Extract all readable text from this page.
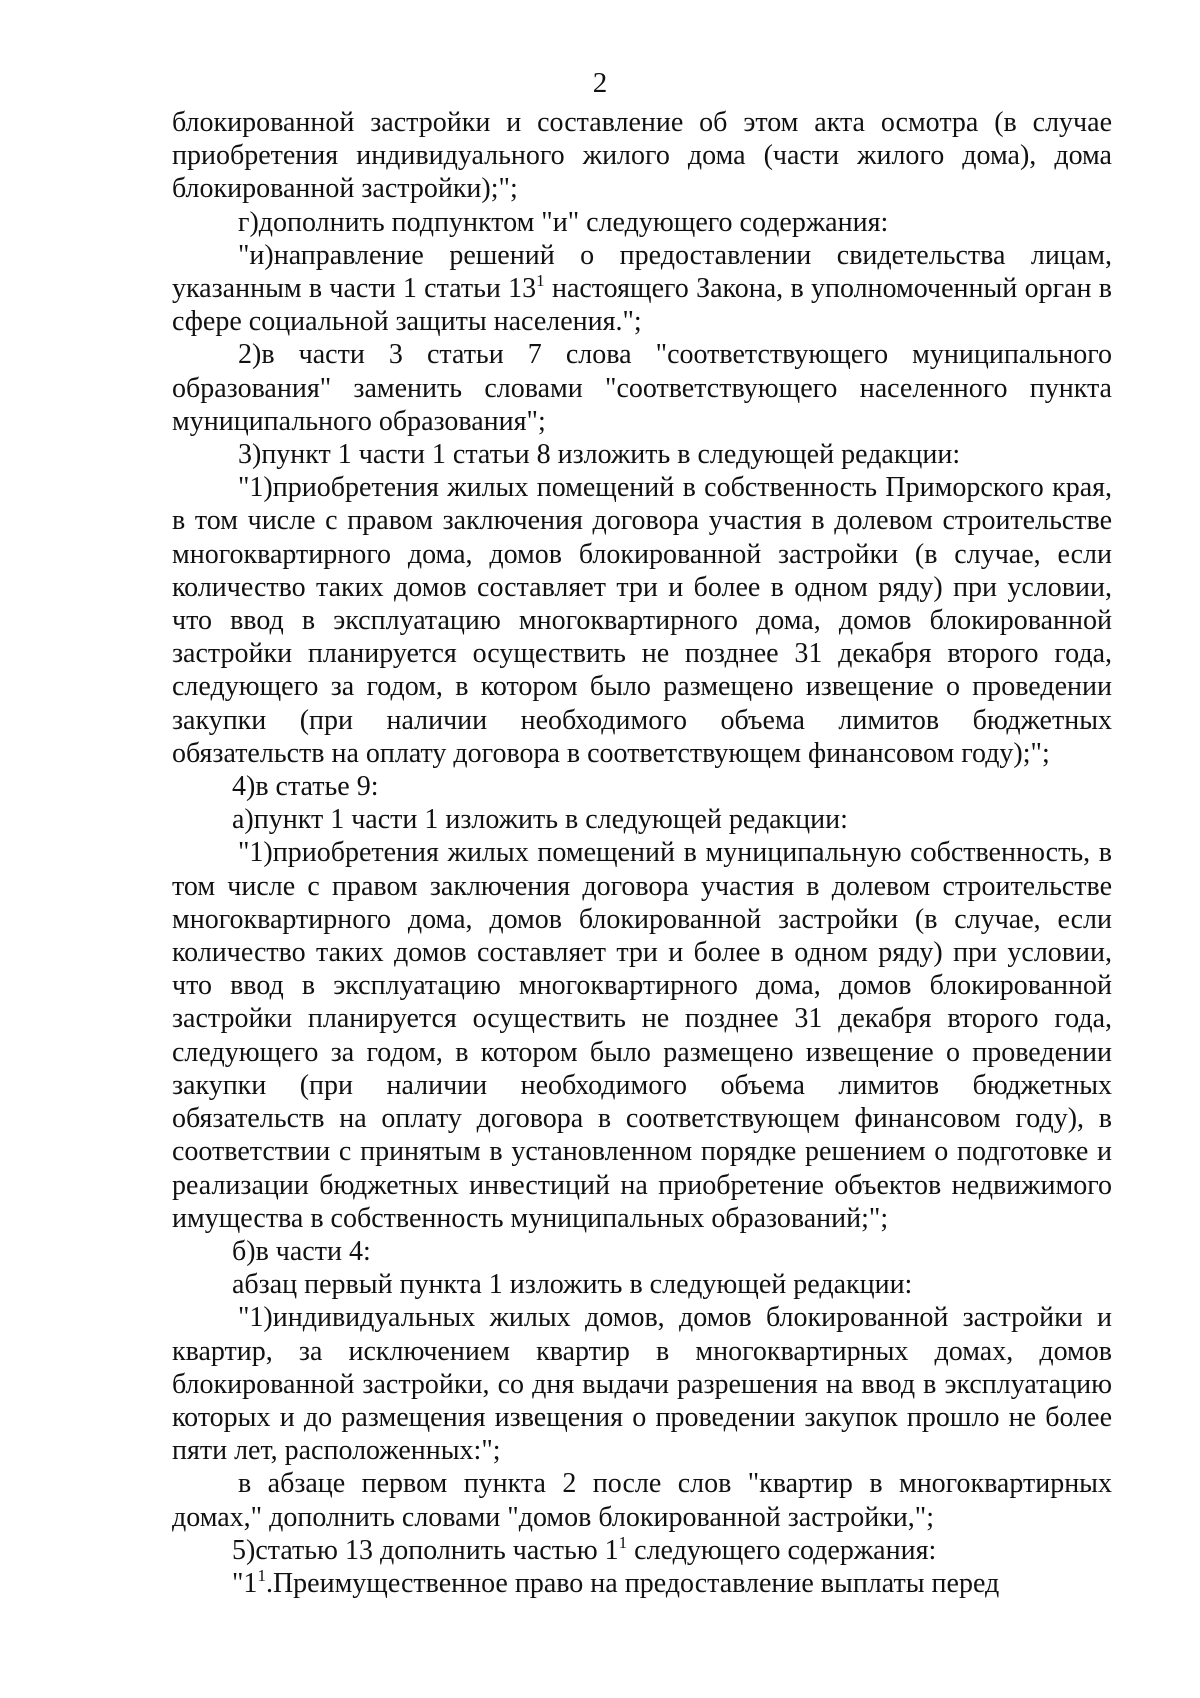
2

блокированной застройки и составление об этом акта осмотра (в случае приобретения индивидуального жилого дома (части жилого дома), дома блокированной застройки);";

г)дополнить подпунктом "и" следующего содержания:

"и)направление решений о предоставлении свидетельства лицам, указанным в части 1 статьи $13^1$ настоящего Закона, в уполномоченный орган в сфере социальной защиты населения.";

2)в части 3 статьи 7 слова "соответствующего муниципального образования" заменить словами "соответствующего населенного пункта муниципального образования";

3)пункт 1 части 1 статьи 8 изложить в следующей редакции:

"1)приобретения жилых помещений в собственность Приморского края, в том числе с правом заключения договора участия в долевом строительстве многоквартирного дома, домов блокированной застройки (в случае, если количество таких домов составляет три и более в одном ряду) при условии, что ввод в эксплуатацию многоквартирного дома, домов блокированной застройки планируется осуществить не позднее 31 декабря второго года, следующего за годом, в котором было размещено извещение о проведении закупки (при наличии необходимого объема лимитов бюджетных обязательств на оплату договора в соответствующем финансовом году);";

4)в статье 9:

а)пункт 1 части 1 изложить в следующей редакции:

"1)приобретения жилых помещений в муниципальную собственность, в том числе с правом заключения договора участия в долевом строительстве многоквартирного дома, домов блокированной застройки (в случае, если количество таких домов составляет три и более в одном ряду) при условии, что ввод в эксплуатацию многоквартирного дома, домов блокированной застройки планируется осуществить не позднее 31 декабря второго года, следующего за годом, в котором было размещено извещение о проведении закупки (при наличии необходимого объема лимитов бюджетных обязательств на оплату договора в соответствующем финансовом году), в соответствии с принятым в установленном порядке решением о подготовке и реализации бюджетных инвестиций на приобретение объектов недвижимого имущества в собственность муниципальных образований;";

б)в части 4:

абзац первый пункта 1 изложить в следующей редакции:

"1)индивидуальных жилых домов, домов блокированной застройки и квартир, за исключением квартир в многоквартирных домах, домов блокированной застройки, со дня выдачи разрешения на ввод в эксплуатацию которых и до размещения извещения о проведении закупок прошло не более пяти лет, расположенных:";

в абзаце первом пункта 2 после слов "квартир в многоквартирных домах," дополнить словами "домов блокированной застройки,";

5)статью 13 дополнить частью $1^1$ следующего содержания:

"$1^1.Преимущественное$ право на предоставление выплаты перед
